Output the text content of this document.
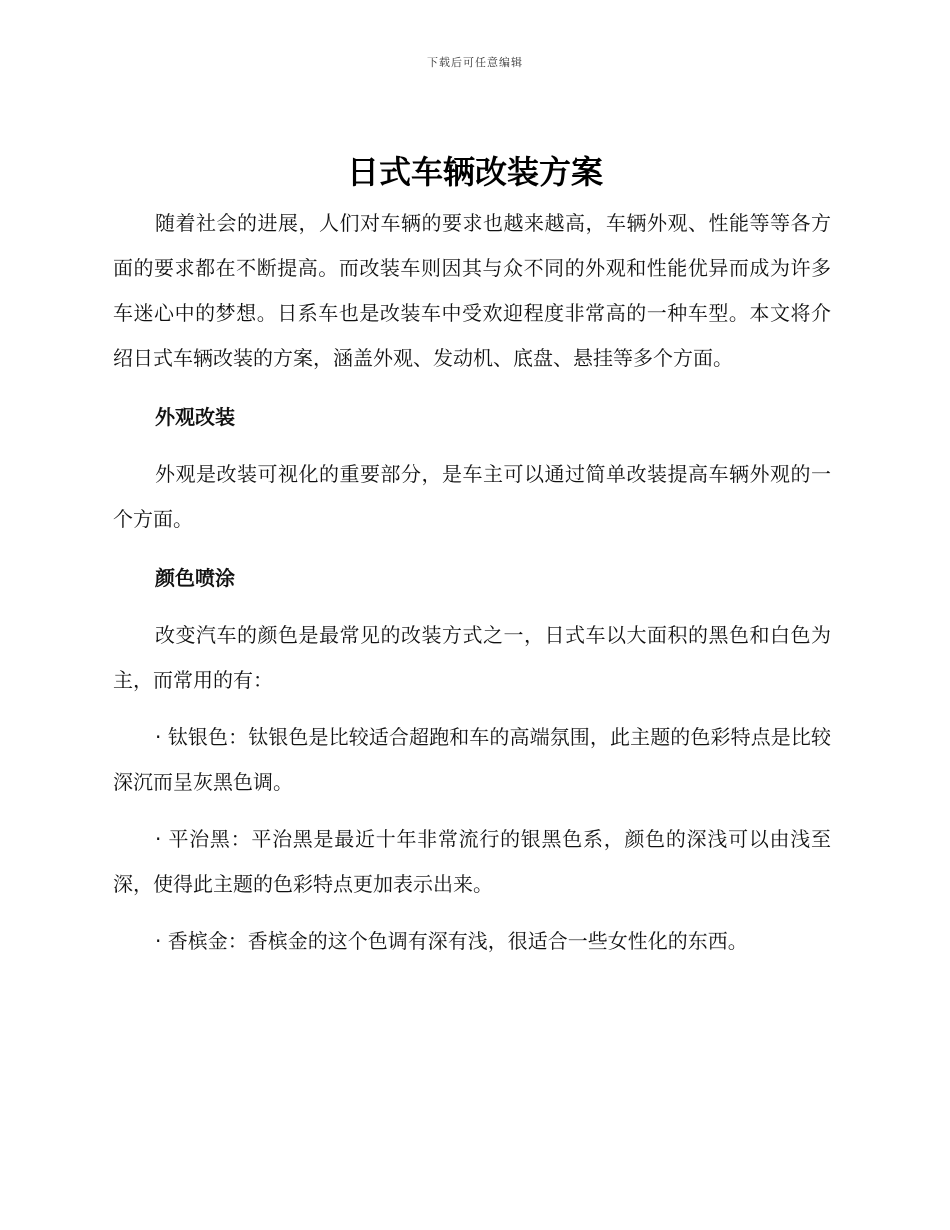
下载后可任意编辑
日式车辆改装方案

随着社会的进展，人们对车辆的要求也越来越高，车辆外观、性能等等各方面的要求都在不断提高。而改装车则因其与众不同的外观和性能优异而成为许多车迷心中的梦想。日系车也是改装车中受欢迎程度非常高的一种车型。本文将介绍日式车辆改装的方案，涵盖外观、发动机、底盘、悬挂等多个方面。

外观改装

外观是改装可视化的重要部分，是车主可以通过简单改装提高车辆外观的一个方面。

颜色喷涂

改变汽车的颜色是最常见的改装方式之一，日式车以大面积的黑色和白色为主，而常用的有：

· 钛银色：钛银色是比较适合超跑和车的高端氛围，此主题的色彩特点是比较深沉而呈灰黑色调。

· 平治黑：平治黑是最近十年非常流行的银黑色系，颜色的深浅可以由浅至深，使得此主题的色彩特点更加表示出来。

· 香槟金：香槟金的这个色调有深有浅，很适合一些女性化的东西。
